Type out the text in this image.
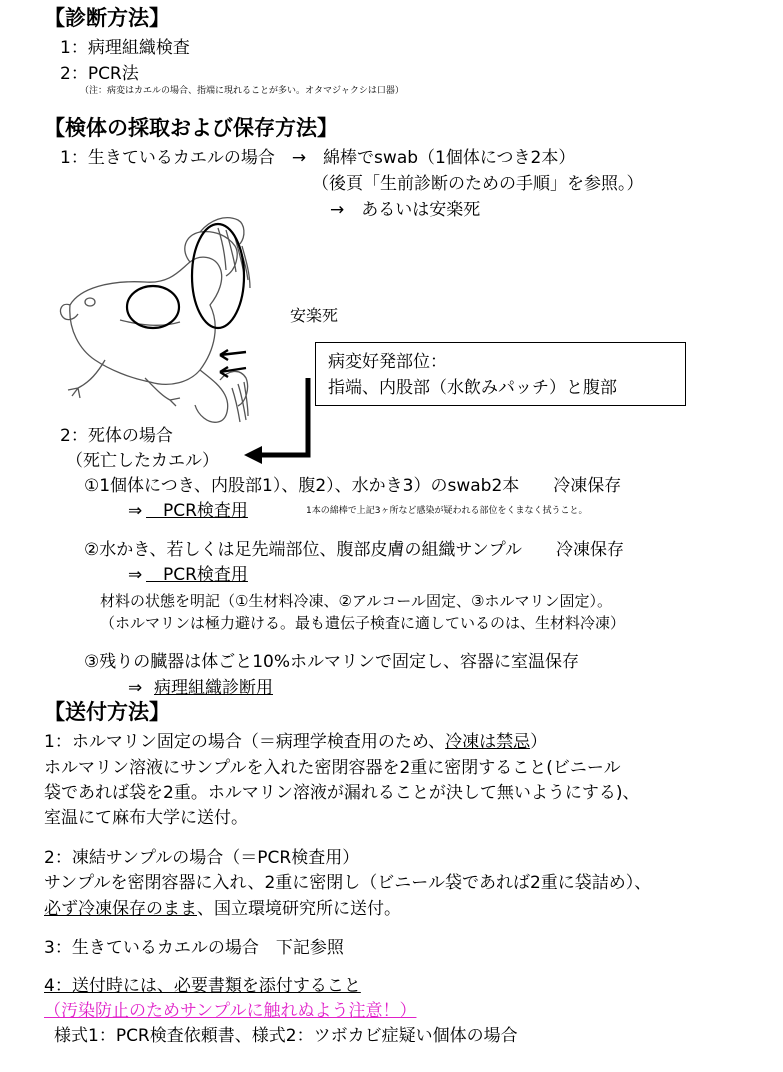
【診断方法】
1：病理組織検査
2：PCR法
（注：病変はカエルの場合、指端に現れることが多い。オタマジャクシは口器）
【検体の採取および保存方法】
1：生きているカエルの場合　→　綿棒でswab（1個体につき2本）
（後頁「生前診断のための手順」を参照。）
→　あるいは安楽死
安楽死
病変好発部位：
指端、内股部（水飲みパッチ）と腹部
2：死体の場合
（死亡したカエル）
①1個体につき、内股部1）、腹2）、水かき3）のswab2本　　冷凍保存
⇒ 　PCR検査用	1本の綿棒で上記3ヶ所など感染が疑われる部位をくまなく拭うこと。
②水かき、若しくは足先端部位、腹部皮膚の組織サンプル　　冷凍保存
⇒ 　PCR検査用
材料の状態を明記（①生材料冷凍、②アルコール固定、③ホルマリン固定）。
（ホルマリンは極力避ける。最も遺伝子検査に適しているのは、生材料冷凍）
③残りの臓器は体ごと10%ホルマリンで固定し、容器に室温保存
⇒ 病理組織診断用
【送付方法】
1：ホルマリン固定の場合（＝病理学検査用のため、冷凍は禁忌）
ホルマリン溶液にサンプルを入れた密閉容器を2重に密閉すること(ビニール
袋であれば袋を2重。ホルマリン溶液が漏れることが決して無いようにする)、
室温にて麻布大学に送付。
2：凍結サンプルの場合（＝PCR検査用）
サンプルを密閉容器に入れ、2重に密閉し（ビニール袋であれば2重に袋詰め）、
必ず冷凍保存のまま、国立環境研究所に送付。
3：生きているカエルの場合　下記参照
4：送付時には、必要書類を添付すること
（汚染防止のためサンプルに触れぬよう注意！）
様式1：PCR検査依頼書、様式2：ツボカビ症疑い個体の場合
